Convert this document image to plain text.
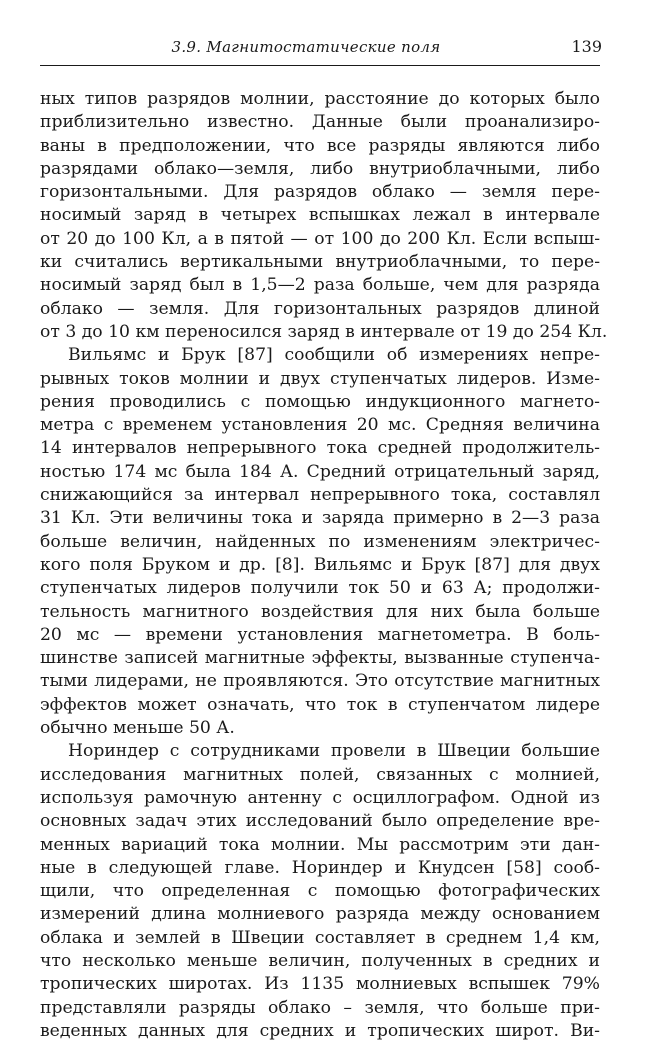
3.9. Магнитостатические поля	139
ных типов разрядов молнии, расстояние до которых было
приблизительно известно. Данные были проанализиро-
ваны в предположении, что все разряды являются либо
разрядами облако—земля, либо внутриоблачными, либо
горизонтальными. Для разрядов облако — земля пере-
носимый заряд в четырех вспышках лежал в интервале
от 20 до 100 Кл, а в пятой — от 100 до 200 Кл. Если вспыш-
ки считались вертикальными внутриоблачными, то пере-
носимый заряд был в 1,5—2 раза больше, чем для разряда
облако — земля. Для горизонтальных разрядов длиной
от 3 до 10 км переносился заряд в интервале от 19 до 254 Кл.
Вильямс и Брук [87] сообщили об измерениях непре-
рывных токов молнии и двух ступенчатых лидеров. Изме-
рения проводились с помощью индукционного магнето-
метра с временем установления 20 мс. Средняя величина
14 интервалов непрерывного тока средней продолжитель-
ностью 174 мс была 184 А. Средний отрицательный заряд,
снижающийся за интервал непрерывного тока, составлял
31 Кл. Эти величины тока и заряда примерно в 2—3 раза
больше величин, найденных по изменениям электричес-
кого поля Бруком и др. [8]. Вильямс и Брук [87] для двух
ступенчатых лидеров получили ток 50 и 63 А; продолжи-
тельность магнитного воздействия для них была больше
20 мс — времени установления магнетометра. В боль-
шинстве записей магнитные эффекты, вызванные ступенча-
тыми лидерами, не проявляются. Это отсутствие магнитных
эффектов может означать, что ток в ступенчатом лидере
обычно меньше 50 А.
Нориндер с сотрудниками провели в Швеции большие
исследования магнитных полей, связанных с молнией,
используя рамочную антенну с осциллографом. Одной из
основных задач этих исследований было определение вре-
менных вариаций тока молнии. Мы рассмотрим эти дан-
ные в следующей главе. Нориндер и Кнудсен [58] сооб-
щили, что определенная с помощью фотографических
измерений длина молниевого разряда между основанием
облака и землей в Швеции составляет в среднем 1,4 км,
что несколько меньше величин, полученных в средних и
тропических широтах. Из 1135 молниевых вспышек 79%
представляли разряды облако – земля, что больше при-
веденных данных для средних и тропических широт. Ви-
